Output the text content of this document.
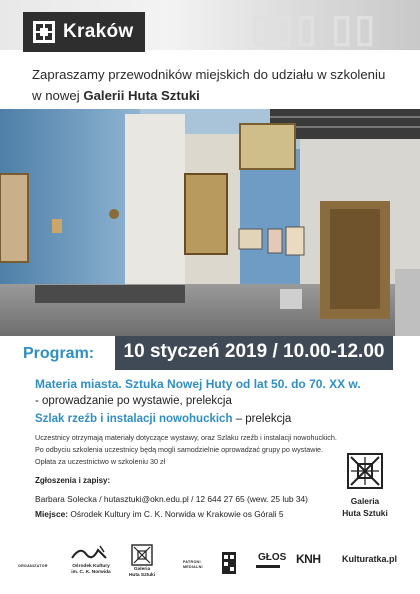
▯▯▯ ▯▯
Kraków
Zapraszamy przewodników miejskich do udziału w szkoleniu
w nowej Galerii Huta Sztuki
10 styczeń 2019 / 10.00-12.00
Program:
Materia miasta. Sztuka Nowej Huty od lat 50. do 70. XX w.
- oprowadzanie po wystawie, prelekcja
Szlak rzeźb i instalacji nowohuckich – prelekcja
Uczestnicy otrzymają materiały dotyczące wystawy, oraz Szlaku rzeźb i instalacji nowohuckich.
Po odbyciu szkolenia uczestnicy będą mogli samodzielnie oprowadzać grupy po wystawie.
Opłata za uczestnictwo w szkoleniu 30 zł
Zgłoszenia i zapisy:
Barbara Solecka / hutasztuki@okn.edu.pl / 12 644 27 65 (wew. 25 lub 34)
Miejsce: Ośrodek Kultury im C. K. Norwida w Krakowie os Górali 5
Galeria
Huta Sztuki
ORGANIZATOR	Ośrodek Kultury
im. C. K. Norwida
Galeria
Huta Sztuki
PATRONI
MEDIALNI
GŁOS KNH Kulturatka.pl
